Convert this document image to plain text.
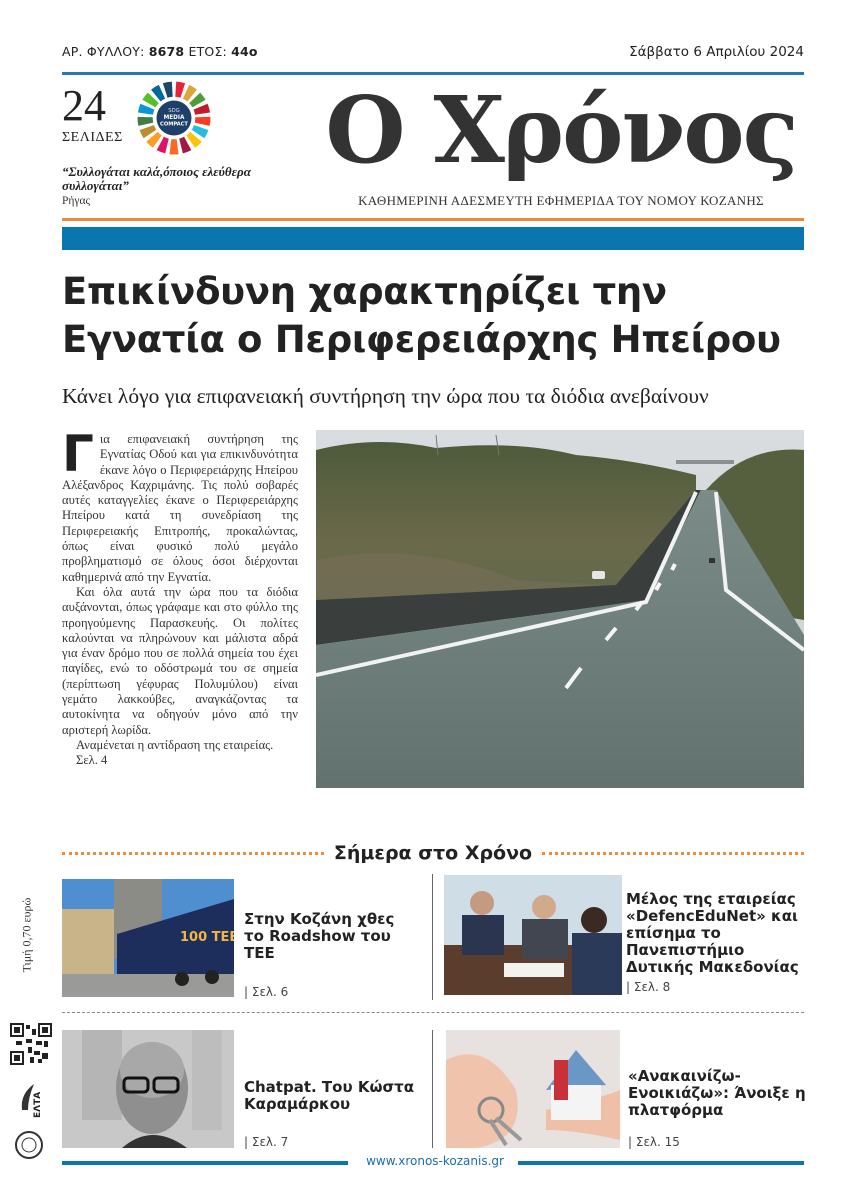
ΑΡ. ΦΥΛΛΟΥ: 8678 ΕΤΟΣ: 44ο	Σάββατο 6 Απριλίου 2024
24
ΣΕΛΙΔΕΣ
SDG
MEDIA
COMPACT
“Συλλογάται καλά,όποιος ελεύθερα συλλογάται”
Ρήγας
Ο Χρόνος
ΚΑΘΗΜΕΡΙΝΗ ΑΔΕΣΜΕΥΤΗ ΕΦΗΜΕΡΙΔΑ ΤΟΥ ΝΟΜΟΥ ΚΟΖΑΝΗΣ
Επικίνδυνη χαρακτηρίζει την
Εγνατία ο Περιφερειάρχης Ηπείρου
Κάνει λόγο για επιφανειακή συντήρηση την ώρα που τα διόδια ανεβαίνουν

Γ ια επιφανειακή συντήρηση της Εγνατίας Οδού και για επικινδυνότητα έκανε λόγο ο Περιφερειάρχης Ηπείρου Αλέξανδρος Καχριμάνης. Τις πολύ σοβαρές αυτές καταγγελίες έκανε ο Περιφερειάρχης Ηπείρου κατά τη συνεδρίαση της Περιφερειακής Επιτροπής, προκαλώντας, όπως είναι φυσικό πολύ μεγάλο προβληματισμό σε όλους όσοι διέρχονται καθημερινά από την Εγνατία.

Και όλα αυτά την ώρα που τα διόδια αυξάνονται, όπως γράφαμε και στο φύλλο της προηγούμενης Παρασκευής. Οι πολίτες καλούνται να πληρώνουν και μάλιστα αδρά για έναν δρόμο που σε πολλά σημεία του έχει παγίδες, ενώ το οδόστρωμά του σε σημεία (περίπτωση γέφυρας Πολυμύλου) είναι γεμάτο λακκούβες, αναγκάζοντας τα αυτοκίνητα να οδηγούν μόνο από την αριστερή λωρίδα.

Αναμένεται η αντίδραση της εταιρείας.

Σελ. 4

Σήμερα στο Χρόνο
Τιμή 0,70 ευρώ	100 ΤΕΕ
Στην Κοζάνη χθες το Roadshow του ΤΕΕ
| Σελ. 6
Μέλος της εταιρείας «DefencEduNet» και επίσημα το Πανεπιστήμιο Δυτικής Μακεδονίας
| Σελ. 8
ΕΛΤΑ
Chatpat. Του Κώστα Καραμάρκου
| Σελ. 7
«Ανακαινίζω-Ενοικιάζω»: Άνοιξε η πλατφόρμα
| Σελ. 15
www.xronos-kozanis.gr
